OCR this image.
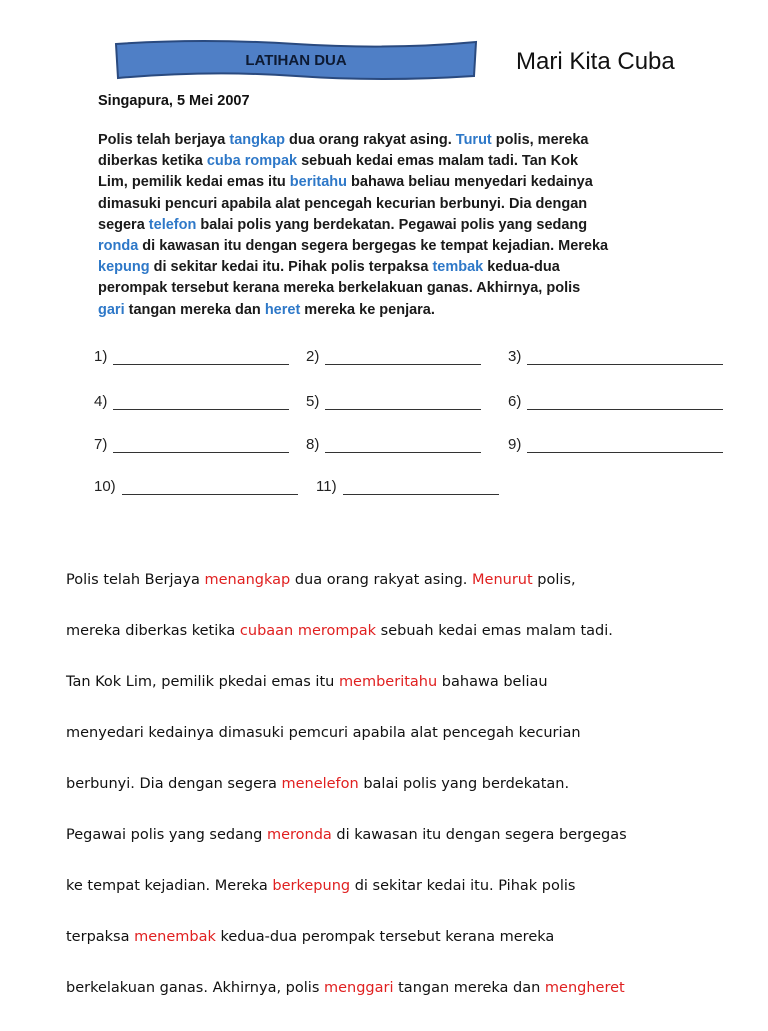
LATIHAN DUA	Mari Kita Cuba
Singapura, 5 Mei 2007
Polis telah berjaya tangkap dua orang rakyat asing. Turut polis, mereka
diberkas ketika cuba rompak sebuah kedai emas malam tadi. Tan Kok
Lim, pemilik kedai emas itu beritahu bahawa beliau menyedari kedainya
dimasuki pencuri apabila alat pencegah kecurian berbunyi. Dia dengan
segera telefon balai polis yang berdekatan. Pegawai polis yang sedang
ronda di kawasan itu dengan segera bergegas ke tempat kejadian. Mereka
kepung di sekitar kedai itu. Pihak polis terpaksa tembak kedua-dua
perompak tersebut kerana mereka berkelakuan ganas. Akhirnya, polis
gari tangan mereka dan heret mereka ke penjara.
1)	2)	3)
4)	5)	6)
7)	8)	9)
10)	11)
Polis telah Berjaya menangkap dua orang rakyat asing. Menurut polis,
mereka diberkas ketika cubaan merompak sebuah kedai emas malam tadi.
Tan Kok Lim, pemilik pkedai emas itu memberitahu bahawa beliau
menyedari kedainya dimasuki pemcuri apabila alat pencegah kecurian
berbunyi. Dia dengan segera menelefon balai polis yang berdekatan.
Pegawai polis yang sedang meronda di kawasan itu dengan segera bergegas
ke tempat kejadian. Mereka berkepung di sekitar kedai itu. Pihak polis
terpaksa menembak kedua-dua perompak tersebut kerana mereka
berkelakuan ganas. Akhirnya, polis menggari tangan mereka dan mengheret
